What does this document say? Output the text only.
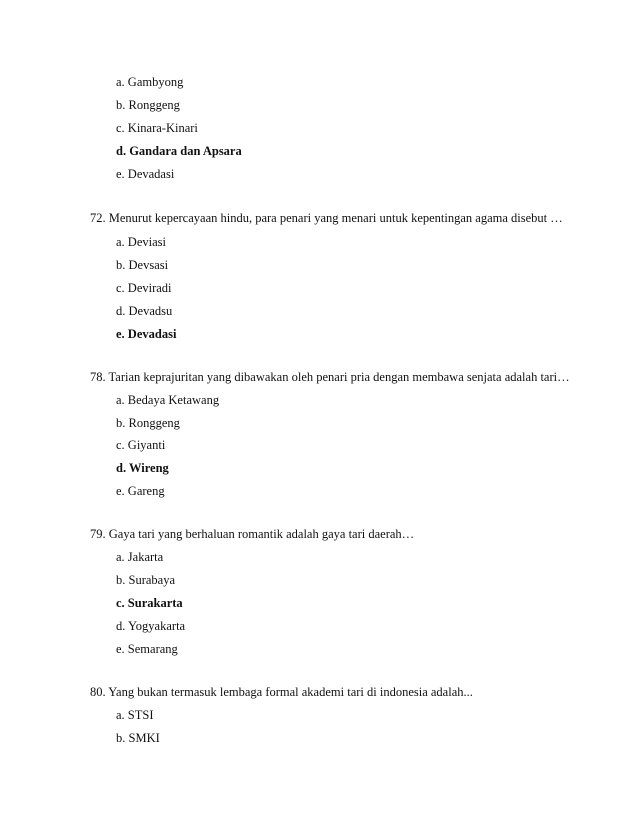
a. Gambyong
b. Ronggeng
c. Kinara-Kinari
d. Gandara dan Apsara
e. Devadasi
72. Menurut kepercayaan hindu, para penari yang menari untuk kepentingan agama disebut …
a. Deviasi
b. Devsasi
c. Deviradi
d. Devadsu
e. Devadasi
78. Tarian keprajuritan yang dibawakan oleh penari pria dengan membawa senjata adalah tari…
a. Bedaya Ketawang
b. Ronggeng
c. Giyanti
d. Wireng
e. Gareng
79. Gaya tari yang berhaluan romantik adalah gaya tari daerah…
a. Jakarta
b. Surabaya
c. Surakarta
d. Yogyakarta
e. Semarang
80. Yang bukan termasuk lembaga formal akademi tari di indonesia adalah...
a. STSI
b. SMKI
